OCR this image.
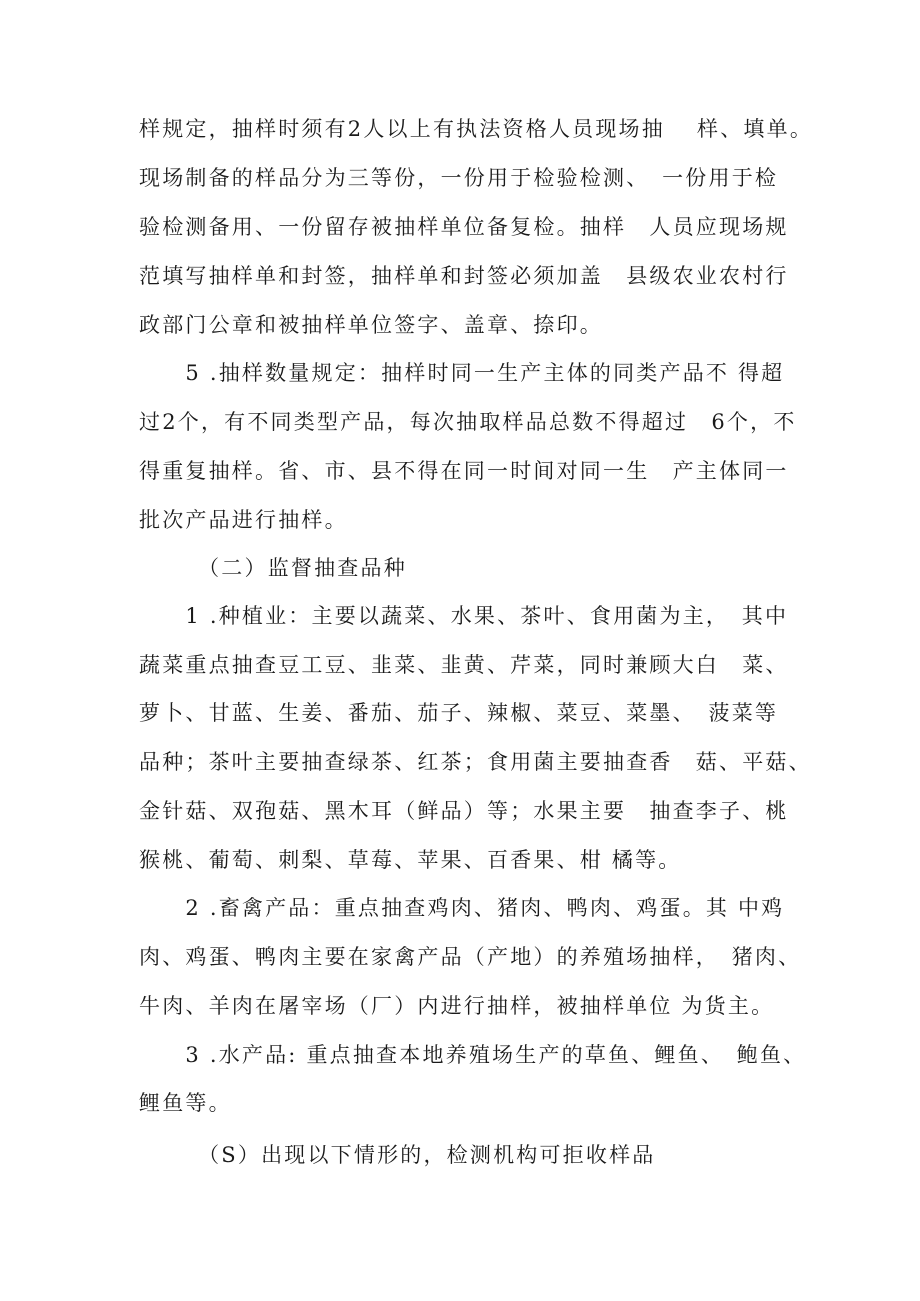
样规定，抽样时须有2人以上有执法资格人员现场抽　 样、填单。
现场制备的样品分为三等份，一份用于检验检测、　一份用于检
验检测备用、一份留存被抽样单位备复检。抽样　人员应现场规
范填写抽样单和封签，抽样单和封签必须加盖　县级农业农村行
政部门公章和被抽样单位签字、盖章、捺印。
　　5 .抽样数量规定：抽样时同一生产主体的同类产品不 得超
过2个，有不同类型产品，每次抽取样品总数不得超过　6个，不
得重复抽样。省、市、县不得在同一时间对同一生　产主体同一
批次产品进行抽样。
　　　（二）监督抽查品种
　　1 .种植业：主要以蔬菜、水果、茶叶、食用菌为主，　其中
蔬菜重点抽查豆工豆、韭菜、韭黄、芹菜，同时兼顾大白　菜、
萝卜、甘蓝、生姜、番茄、茄子、辣椒、菜豆、菜墨、　菠菜等
品种；茶叶主要抽查绿茶、红茶；食用菌主要抽查香　菇、平菇、
金针菇、双孢菇、黑木耳（鲜品）等；水果主要　抽查李子、桃
猴桃、葡萄、刺梨、草莓、苹果、百香果、柑 橘等。
　　2 .畜禽产品：重点抽查鸡肉、猪肉、鸭肉、鸡蛋。其 中鸡
肉、鸡蛋、鸭肉主要在家禽产品（产地）的养殖场抽样，　猪肉、
牛肉、羊肉在屠宰场（厂）内进行抽样，被抽样单位 为货主。
　　3 .水产品: 重点抽查本地养殖场生产的草鱼、鲤鱼、　鲍鱼、
鲤鱼等。
　　　（S）出现以下情形的，检测机构可拒收样品
